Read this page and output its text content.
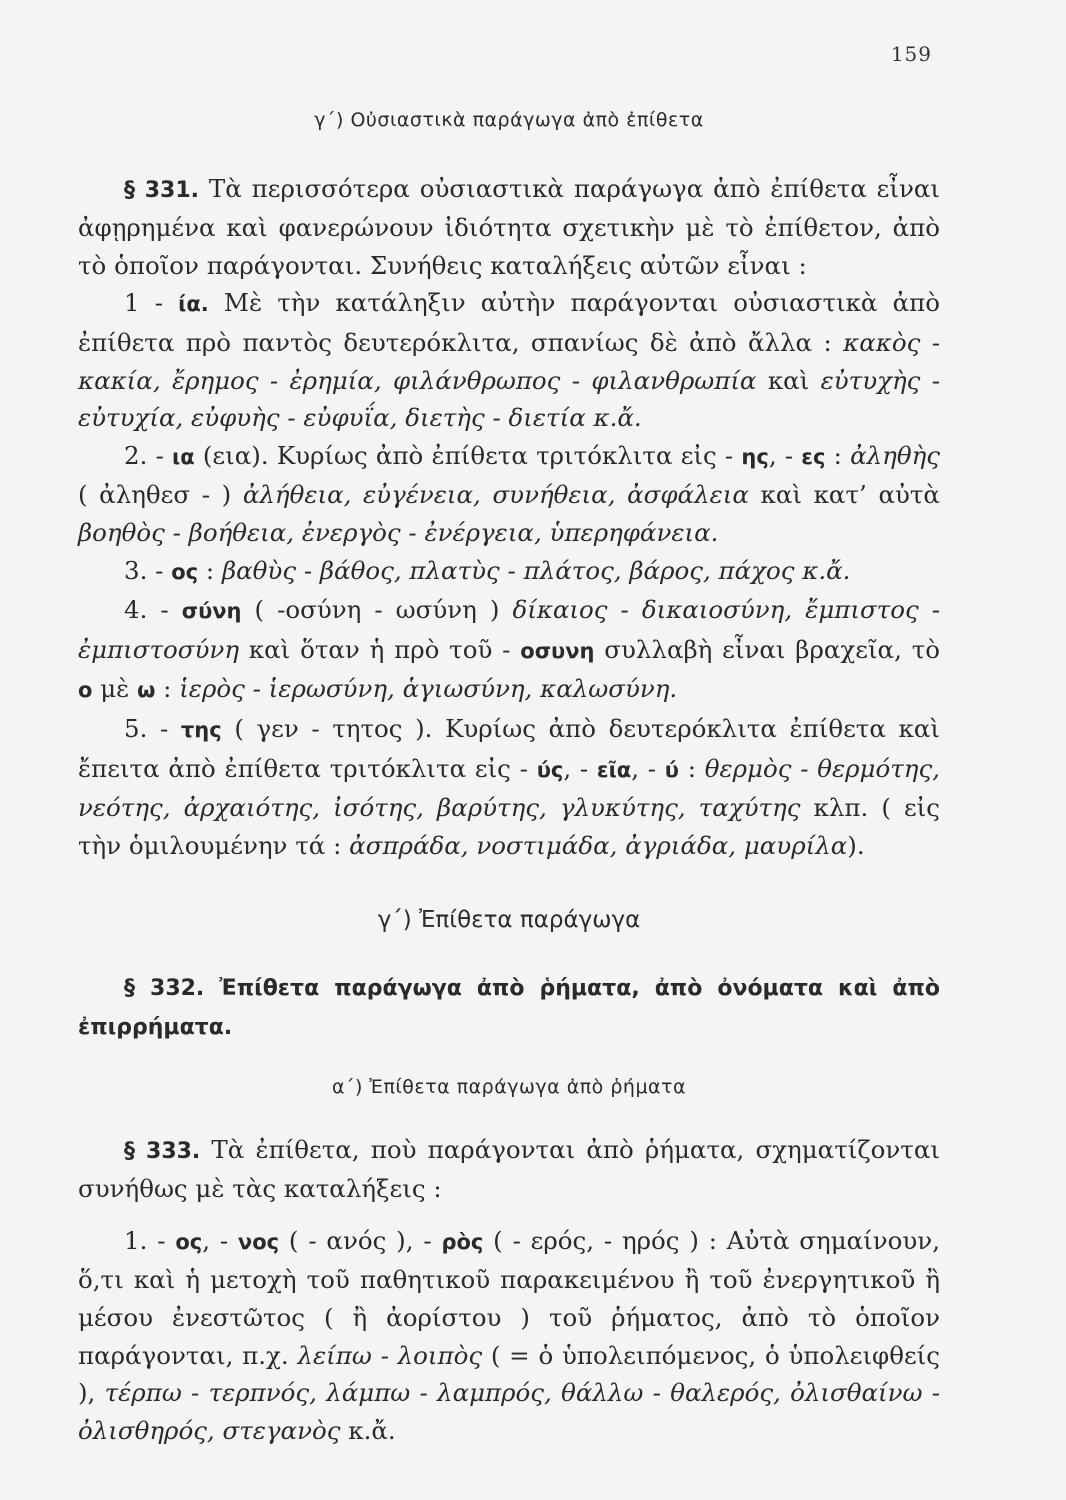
159
γ΄) Οὐσιαστικὰ παράγωγα ἀπὸ ἐπίθετα

§ 331. Τὰ περισσότερα οὐσιαστικὰ παράγωγα ἀπὸ ἐπίθετα εἶναι ἀφῃρημένα καὶ φανερώνουν ἰδιότητα σχετικὴν μὲ τὸ ἐπίθετον, ἀπὸ τὸ ὁποῖον παράγονται. Συνήθεις καταλήξεις αὐτῶν εἶναι :

1 - ία. Μὲ τὴν κατάληξιν αὐτὴν παράγονται οὐσιαστικὰ ἀπὸ ἐπίθετα πρὸ παντὸς δευτερόκλιτα, σπανίως δὲ ἀπὸ ἄλλα : κακὸς - κακία, ἔρημος - ἐρημία, φιλάνθρωπος - φιλανθρωπία καὶ εὐτυχὴς - εὐτυχία, εὐφυὴς - εὐφυΐα, διετὴς - διετία κ.ἄ.

2. - ια (εια). Κυρίως ἀπὸ ἐπίθετα τριτόκλιτα εἰς - ης, - ες : ἀληθὴς ( ἀληθεσ - ) ἀλήθεια, εὐγένεια, συνήθεια, ἀσφάλεια καὶ κατ’ αὐτὰ βοηθὸς - βοήθεια, ἐνεργὸς - ἐνέργεια, ὑπερηφάνεια.

3. - ος : βαθὺς - βάθος, πλατὺς - πλάτος, βάρος, πάχος κ.ἄ.

4. - σύνη ( -οσύνη - ωσύνη ) δίκαιος - δικαιοσύνη, ἔμπιστος - ἐμπιστοσύνη καὶ ὅταν ἡ πρὸ τοῦ - οσυνη συλλαβὴ εἶναι βραχεῖα, τὸ ο μὲ ω : ἱερὸς - ἱερωσύνη, ἁγιωσύνη, καλωσύνη.

5. - της ( γεν - τητος ). Κυρίως ἀπὸ δευτερόκλιτα ἐπίθετα καὶ ἔπειτα ἀπὸ ἐπίθετα τριτόκλιτα εἰς - ύς, - εῖα, - ύ : θερμὸς - θερμότης, νεότης, ἀρχαιότης, ἰσότης, βαρύτης, γλυκύτης, ταχύτης κλπ. ( εἰς τὴν ὁμιλουμένην τά : ἀσπράδα, νοστιμάδα, ἀγριάδα, μαυρίλα).

γ΄) Ἐπίθετα παράγωγα

§ 332. Ἐπίθετα παράγωγα ἀπὸ ῥήματα, ἀπὸ ὀνόματα καὶ ἀπὸ ἐπιρρήματα.

α΄) Ἐπίθετα παράγωγα ἀπὸ ῥήματα

§ 333. Τὰ ἐπίθετα, ποὺ παράγονται ἀπὸ ῥήματα, σχηματίζονται συνήθως μὲ τὰς καταλήξεις :

1. - ος, - νος ( - ανός ), - ρὸς ( - ερός, - ηρός ) : Αὐτὰ σημαίνουν, ὅ,τι καὶ ἡ μετοχὴ τοῦ παθητικοῦ παρακειμένου ἢ τοῦ ἐνεργητικοῦ ἢ μέσου ἐνεστῶτος ( ἢ ἀορίστου ) τοῦ ῥήματος, ἀπὸ τὸ ὁποῖον παράγονται, π.χ. λείπω - λοιπὸς ( = ὁ ὑπολειπόμενος, ὁ ὑπολειφθείς ), τέρπω - τερπνός, λάμπω - λαμπρός, θάλλω - θαλερός, ὀλισθαίνω - ὀλισθηρός, στεγανὸς κ.ἄ.
